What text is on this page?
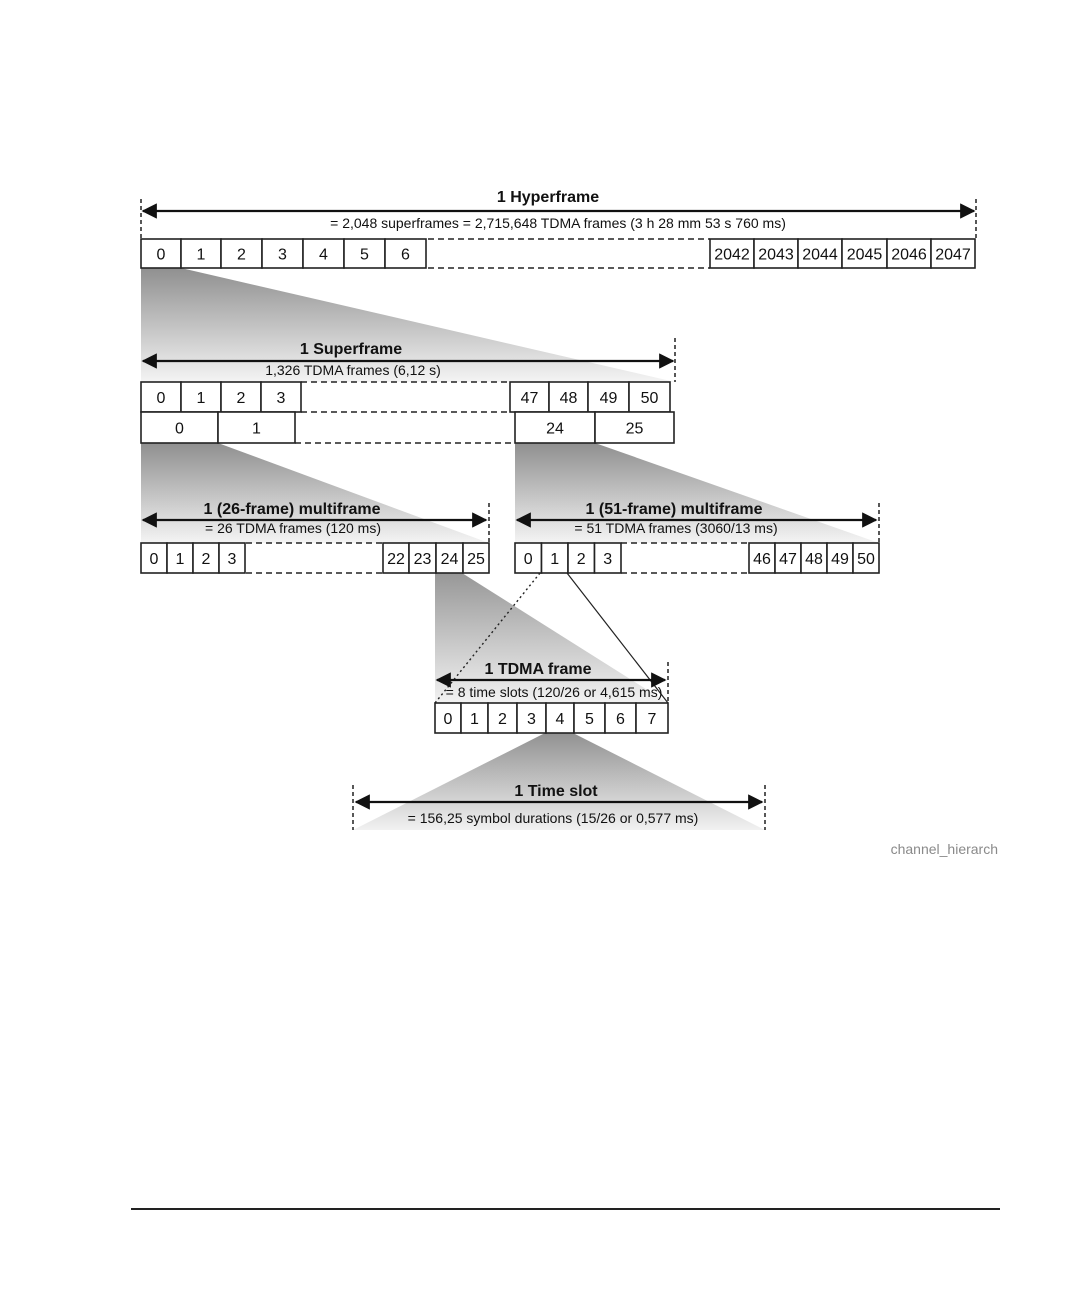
1 Hyperframe
= 2,048 superframes = 2,715,648 TDMA frames (3 h 28 mm 53 s 760 ms)
0 1 2 3 4 5 6	2042 2043 2044 2045 2046 2047
1 Superframe
1,326 TDMA frames (6,12 s)
0 1 2 3	47 48 49 50
0	1	24	25
1 (26-frame) multiframe
= 26 TDMA frames (120 ms)
0 1 2 3	22 23 24 25
1 (51-frame) multiframe
= 51 TDMA frames (3060/13 ms)
0 1 2 3	46 47 48 49 50
1 TDMA frame
= 8 time slots (120/26 or 4,615 ms)
0 1 2 3 4 5 6 7
1 Time slot
= 156,25 symbol durations (15/26 or 0,577 ms)
channel_hierarch
